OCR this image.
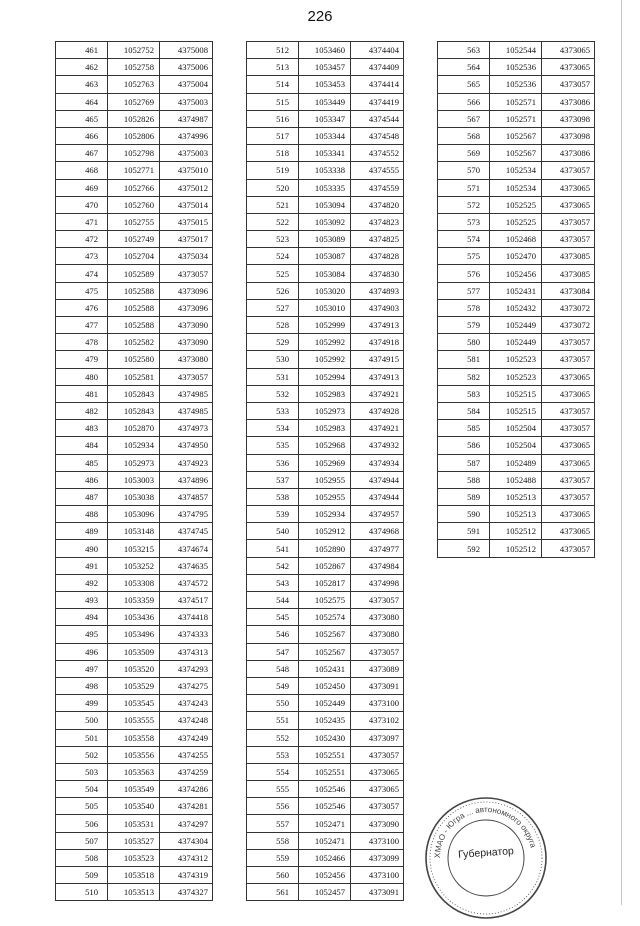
226
461	1052752	4375008
462	1052758	4375006
463	1052763	4375004
464	1052769	4375003
465	1052826	4374987
466	1052806	4374996
467	1052798	4375003
468	1052771	4375010
469	1052766	4375012
470	1052760	4375014
471	1052755	4375015
472	1052749	4375017
473	1052704	4375034
474	1052589	4373057
475	1052588	4373096
476	1052588	4373096
477	1052588	4373090
478	1052582	4373090
479	1052580	4373080
480	1052581	4373057
481	1052843	4374985
482	1052843	4374985
483	1052870	4374973
484	1052934	4374950
485	1052973	4374923
486	1053003	4374896
487	1053038	4374857
488	1053096	4374795
489	1053148	4374745
490	1053215	4374674
491	1053252	4374635
492	1053308	4374572
493	1053359	4374517
494	1053436	4374418
495	1053496	4374333
496	1053509	4374313
497	1053520	4374293
498	1053529	4374275
499	1053545	4374243
500	1053555	4374248
501	1053558	4374249
502	1053556	4374255
503	1053563	4374259
504	1053549	4374286
505	1053540	4374281
506	1053531	4374297
507	1053527	4374304
508	1053523	4374312
509	1053518	4374319
510	1053513	4374327
512	1053460	4374404
513	1053457	4374409
514	1053453	4374414
515	1053449	4374419
516	1053347	4374544
517	1053344	4374548
518	1053341	4374552
519	1053338	4374555
520	1053335	4374559
521	1053094	4374820
522	1053092	4374823
523	1053089	4374825
524	1053087	4374828
525	1053084	4374830
526	1053020	4374893
527	1053010	4374903
528	1052999	4374913
529	1052992	4374918
530	1052992	4374915
531	1052994	4374913
532	1052983	4374921
533	1052973	4374928
534	1052983	4374921
535	1052968	4374932
536	1052969	4374934
537	1052955	4374944
538	1052955	4374944
539	1052934	4374957
540	1052912	4374968
541	1052890	4374977
542	1052867	4374984
543	1052817	4374998
544	1052575	4373057
545	1052574	4373080
546	1052567	4373080
547	1052567	4373057
548	1052431	4373089
549	1052450	4373091
550	1052449	4373100
551	1052435	4373102
552	1052430	4373097
553	1052551	4373057
554	1052551	4373065
555	1052546	4373065
556	1052546	4373057
557	1052471	4373090
558	1052471	4373100
559	1052466	4373099
560	1052456	4373100
561	1052457	4373091
563	1052544	4373065
564	1052536	4373065
565	1052536	4373057
566	1052571	4373086
567	1052571	4373098
568	1052567	4373098
569	1052567	4373086
570	1052534	4373057
571	1052534	4373065
572	1052525	4373065
573	1052525	4373057
574	1052468	4373057
575	1052470	4373085
576	1052456	4373085
577	1052431	4373084
578	1052432	4373072
579	1052449	4373072
580	1052449	4373057
581	1052523	4373057
582	1052523	4373065
583	1052515	4373065
584	1052515	4373057
585	1052504	4373057
586	1052504	4373065
587	1052489	4373065
588	1052488	4373057
589	1052513	4373057
590	1052513	4373065
591	1052512	4373065
592	1052512	4373057
ХМАО - Югра ... автономного округа
Губернатор
